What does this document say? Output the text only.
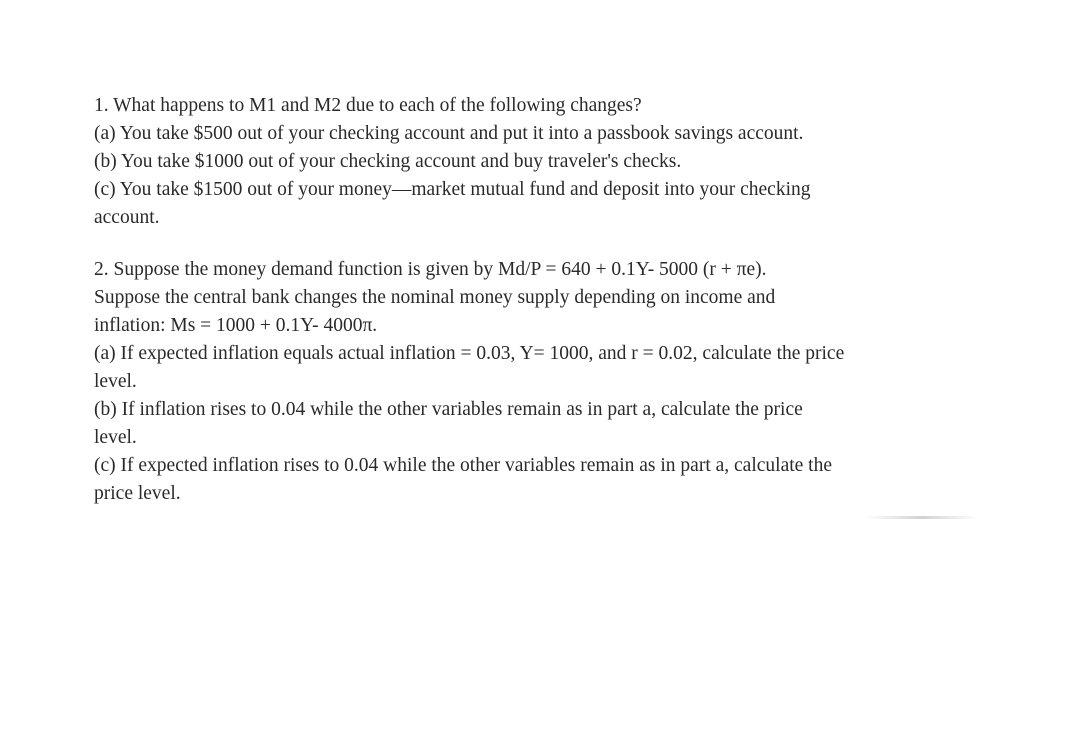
1. What happens to M1 and M2 due to each of the following changes?
(a) You take $500 out of your checking account and put it into a passbook savings account.
(b) You take $1000 out of your checking account and buy traveler's checks.
(c) You take $1500 out of your money—market mutual fund and deposit into your checking
account.
2. Suppose the money demand function is given by Md/P = 640 + 0.1Y- 5000 (r + πe).
Suppose the central bank changes the nominal money supply depending on income and
inflation: Ms = 1000 + 0.1Y- 4000π.
(a) If expected inflation equals actual inflation = 0.03, Y= 1000, and r = 0.02, calculate the price
level.
(b) If inflation rises to 0.04 while the other variables remain as in part a, calculate the price
level.
(c) If expected inflation rises to 0.04 while the other variables remain as in part a, calculate the
price level.
